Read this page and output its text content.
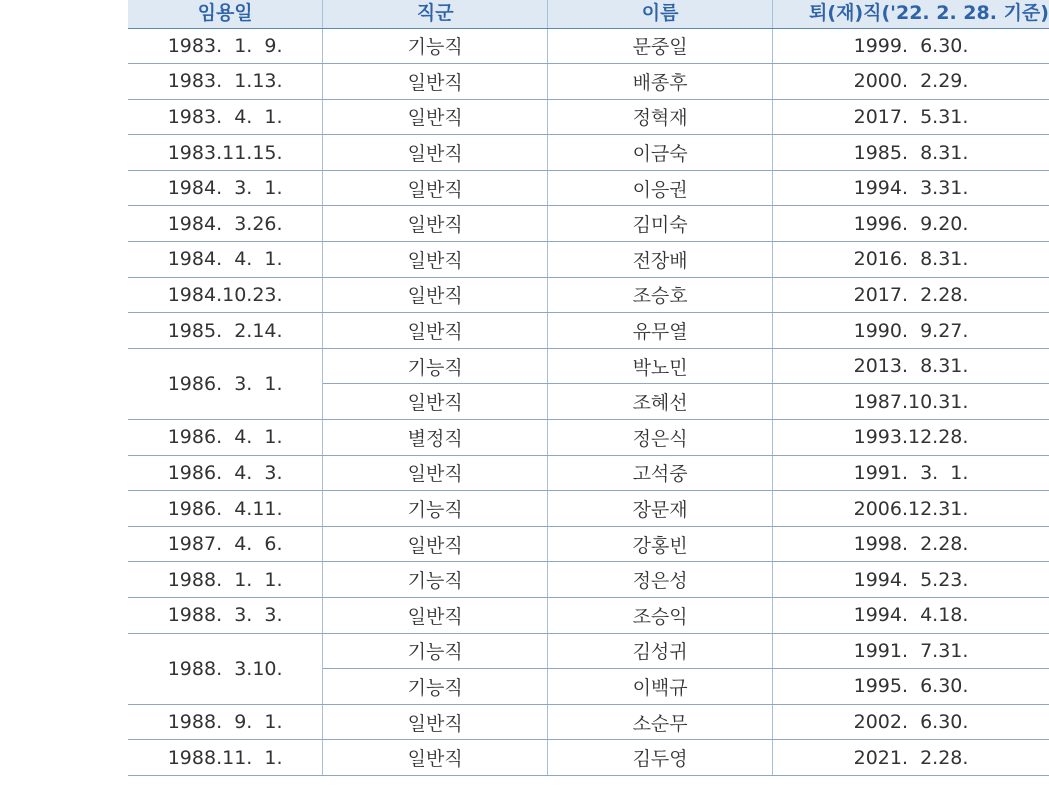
임용일	직군	이름	퇴(재)직('22. 2. 28. 기준)
1983.  1.  9.	기능직	문중일	1999.  6.30.
1983.  1.13.	일반직	배종후	2000.  2.29.
1983.  4.  1.	일반직	정혁재	2017.  5.31.
1983.11.15.	일반직	이금숙	1985.  8.31.
1984.  3.  1.	일반직	이응권	1994.  3.31.
1984.  3.26.	일반직	김미숙	1996.  9.20.
1984.  4.  1.	일반직	전장배	2016.  8.31.
1984.10.23.	일반직	조승호	2017.  2.28.
1985.  2.14.	일반직	유무열	1990.  9.27.
1986.  3.  1.	기능직	박노민	2013.  8.31.
	일반직	조혜선	1987.10.31.
1986.  4.  1.	별정직	정은식	1993.12.28.
1986.  4.  3.	일반직	고석중	1991.  3.  1.
1986.  4.11.	기능직	장문재	2006.12.31.
1987.  4.  6.	일반직	강홍빈	1998.  2.28.
1988.  1.  1.	기능직	정은성	1994.  5.23.
1988.  3.  3.	일반직	조승익	1994.  4.18.
1988.  3.10.	기능직	김성귀	1991.  7.31.
	기능직	이백규	1995.  6.30.
1988.  9.  1.	일반직	소순무	2002.  6.30.
1988.11.  1.	일반직	김두영	2021.  2.28.
